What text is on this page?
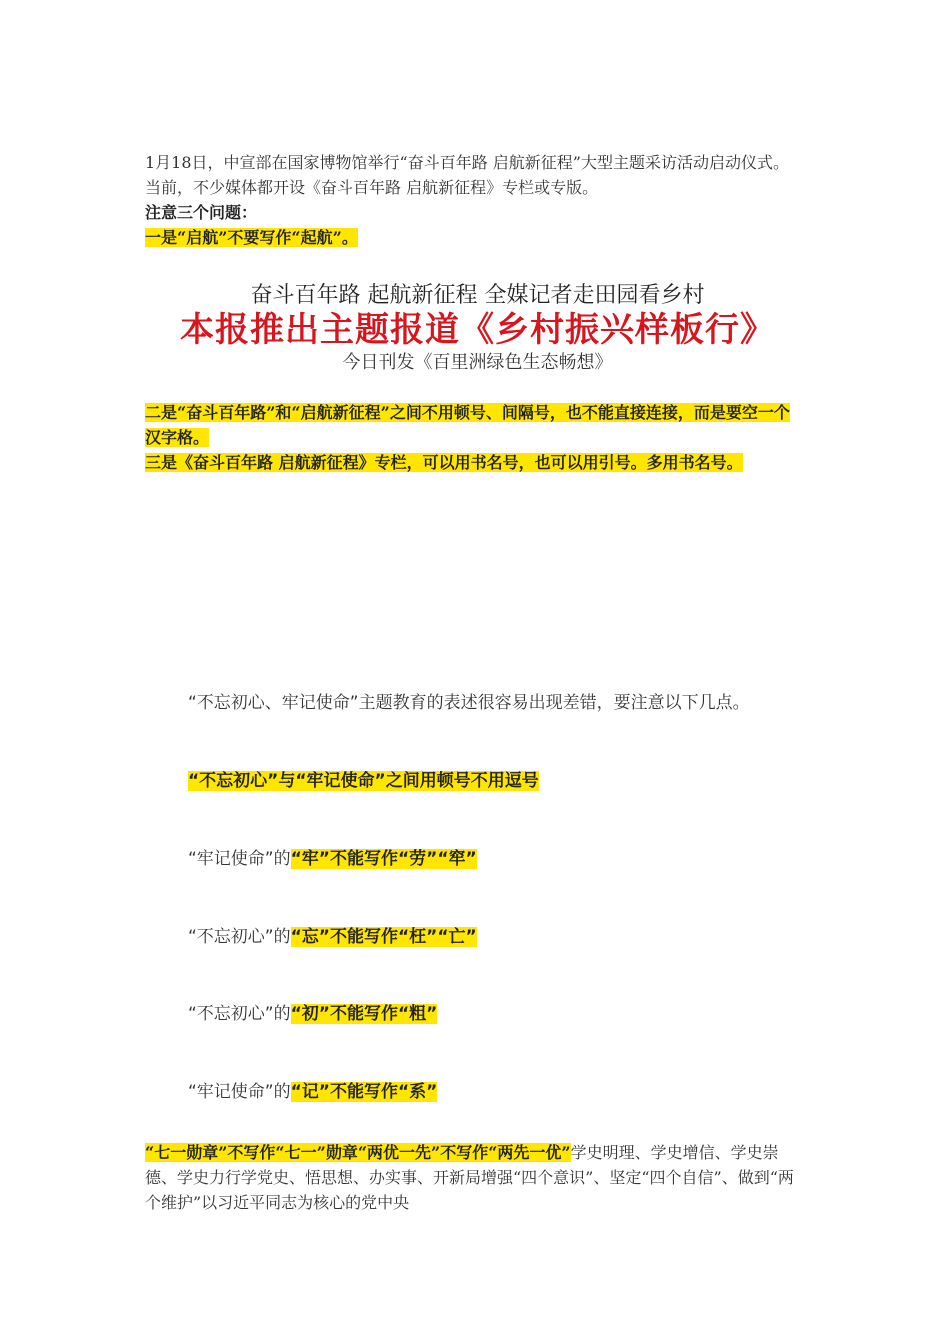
1月18日，中宣部在国家博物馆举行“奋斗百年路 启航新征程”大型主题采访活动启动仪式。
当前，不少媒体都开设《奋斗百年路 启航新征程》专栏或专版。
注意三个问题：
一是“启航”不要写作“起航”。
奋斗百年路 起航新征程 全媒记者走田园看乡村
本报推出主题报道《乡村振兴样板行》
今日刊发《百里洲绿色生态畅想》
二是“奋斗百年路”和“启航新征程”之间不用顿号、间隔号，也不能直接连接，而是要空一个汉字格。
三是《奋斗百年路 启航新征程》专栏，可以用书名号，也可以用引号。多用书名号。
“不忘初心、牢记使命”主题教育的表述很容易出现差错，要注意以下几点。
“不忘初心”与“牢记使命”之间用顿号不用逗号
“牢记使命”的“牢”不能写作“劳”“窂”
“不忘初心”的“忘”不能写作“枉”“亡”
“不忘初心”的“初”不能写作“粗”
“牢记使命”的“记”不能写作“系”
“七一勋章”不写作“七一”勋章“两优一先”不写作“两先一优”学史明理、学史增信、学史崇德、学史力行学党史、悟思想、办实事、开新局增强“四个意识”、坚定“四个自信”、做到“两个维护”以习近平同志为核心的党中央
